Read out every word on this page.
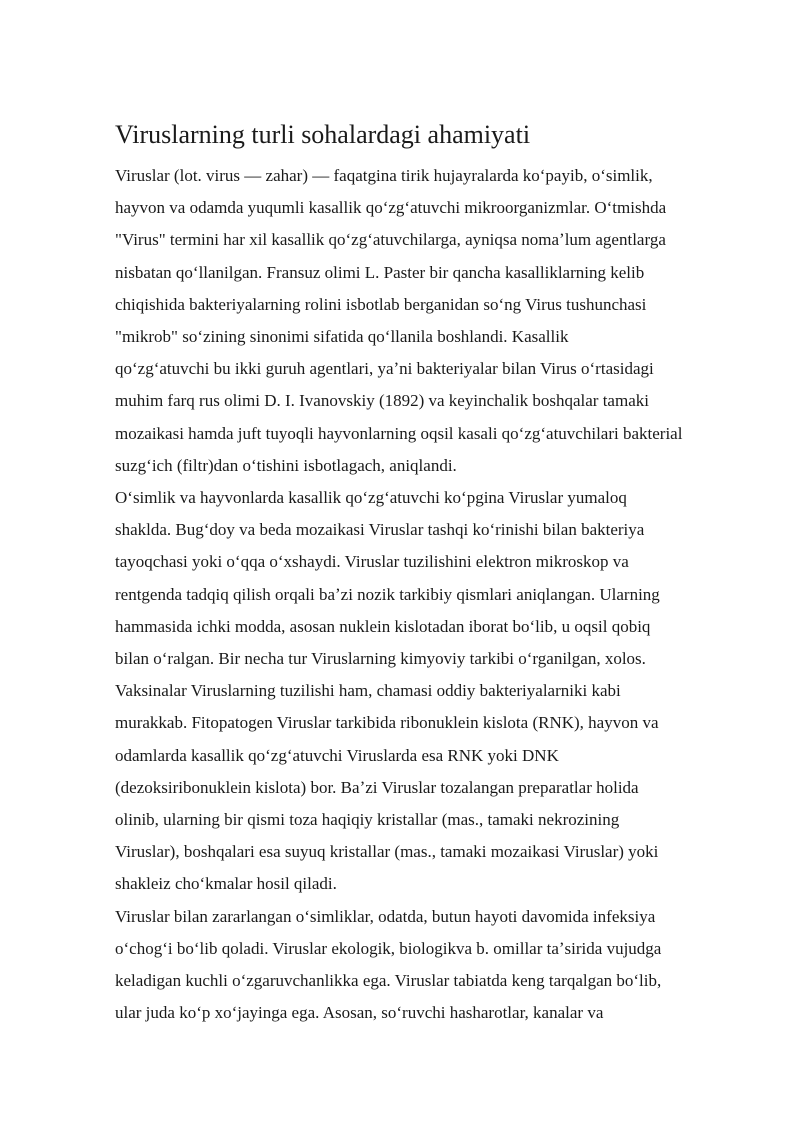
Viruslarning turli sohalardagi ahamiyati
Viruslar (lot. virus — zahar) — faqatgina tirik hujayralarda koʻpayib, oʻsimlik,
hayvon va odamda yuqumli kasallik qoʻzgʻatuvchi mikroorganizmlar. Oʻtmishda
"Virus" termini har xil kasallik qoʻzgʻatuvchilarga, ayniqsa nomaʼlum agentlarga
nisbatan qoʻllanilgan. Fransuz olimi L. Paster bir qancha kasalliklarning kelib
chiqishida bakteriyalarning rolini isbotlab berganidan soʻng Virus tushunchasi
"mikrob" soʻzining sinonimi sifatida qoʻllanila boshlandi. Kasallik
qoʻzgʻatuvchi bu ikki guruh agentlari, yaʼni bakteriyalar bilan Virus oʻrtasidagi
muhim farq rus olimi D. I. Ivanovskiy (1892) va keyinchalik boshqalar tamaki
mozaikasi hamda juft tuyoqli hayvonlarning oqsil kasali qoʻzgʻatuvchilari bakterial
suzgʻich (filtr)dan oʻtishini isbotlagach, aniqlandi.
Oʻsimlik va hayvonlarda kasallik qoʻzgʻatuvchi koʻpgina Viruslar yumaloq
shaklda. Bugʻdoy va beda mozaikasi Viruslar tashqi koʻrinishi bilan bakteriya
tayoqchasi yoki oʻqqa oʻxshaydi. Viruslar tuzilishini elektron mikroskop va
rentgenda tadqiq qilish orqali baʼzi nozik tarkibiy qismlari aniqlangan. Ularning
hammasida ichki modda, asosan nuklein kislotadan iborat boʻlib, u oqsil qobiq
bilan oʻralgan. Bir necha tur Viruslarning kimyoviy tarkibi oʻrganilgan, xolos.
Vaksinalar Viruslarning tuzilishi ham, chamasi oddiy bakteriyalarniki kabi
murakkab. Fitopatogen Viruslar tarkibida ribonuklein kislota (RNK), hayvon va
odamlarda kasallik qoʻzgʻatuvchi Viruslarda esa RNK yoki DNK
(dezoksiribonuklein kislota) bor. Baʼzi Viruslar tozalangan preparatlar holida
olinib, ularning bir qismi toza haqiqiy kristallar (mas., tamaki nekrozining
Viruslar), boshqalari esa suyuq kristallar (mas., tamaki mozaikasi Viruslar) yoki
shakleiz choʻkmalar hosil qiladi.
Viruslar bilan zararlangan oʻsimliklar, odatda, butun hayoti davomida infeksiya
oʻchogʻi boʻlib qoladi. Viruslar ekologik, biologikva b. omillar taʼsirida vujudga
keladigan kuchli oʻzgaruvchanlikka ega. Viruslar tabiatda keng tarqalgan boʻlib,
ular juda koʻp xoʻjayinga ega. Asosan, soʻruvchi hasharotlar, kanalar va
